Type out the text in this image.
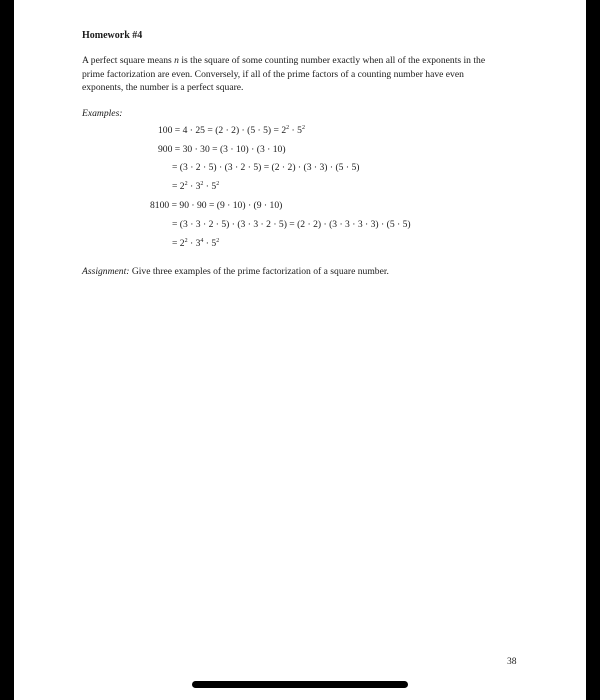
Homework #4

A perfect square means n is the square of some counting number exactly when all of the exponents in the prime factorization are even. Conversely, if all of the prime factors of a counting number have even exponents, the number is a perfect square.

Examples:

$100 = 4 \cdot 25 = (2 \cdot 2) \cdot (5 \cdot 5) = 2^2 \cdot 5^2$

900 = 30 · 30 = (3 · 10) · (3 · 10)

= (3 · 2 · 5) · (3 · 2 · 5) = (2 · 2) · (3 · 3) · (5 · 5)

= $2^2 \cdot 3^2 \cdot 5^2$

8100 = 90 · 90 = (9 · 10) · (9 · 10)

= (3 · 3 · 2 · 5) · (3 · 3 · 2 · 5) = (2 · 2) · (3 · 3 · 3 · 3) · (5 · 5)

= $2^2 \cdot 3^4 \cdot 5^2$

Assignment: Give three examples of the prime factorization of a square number.

38
